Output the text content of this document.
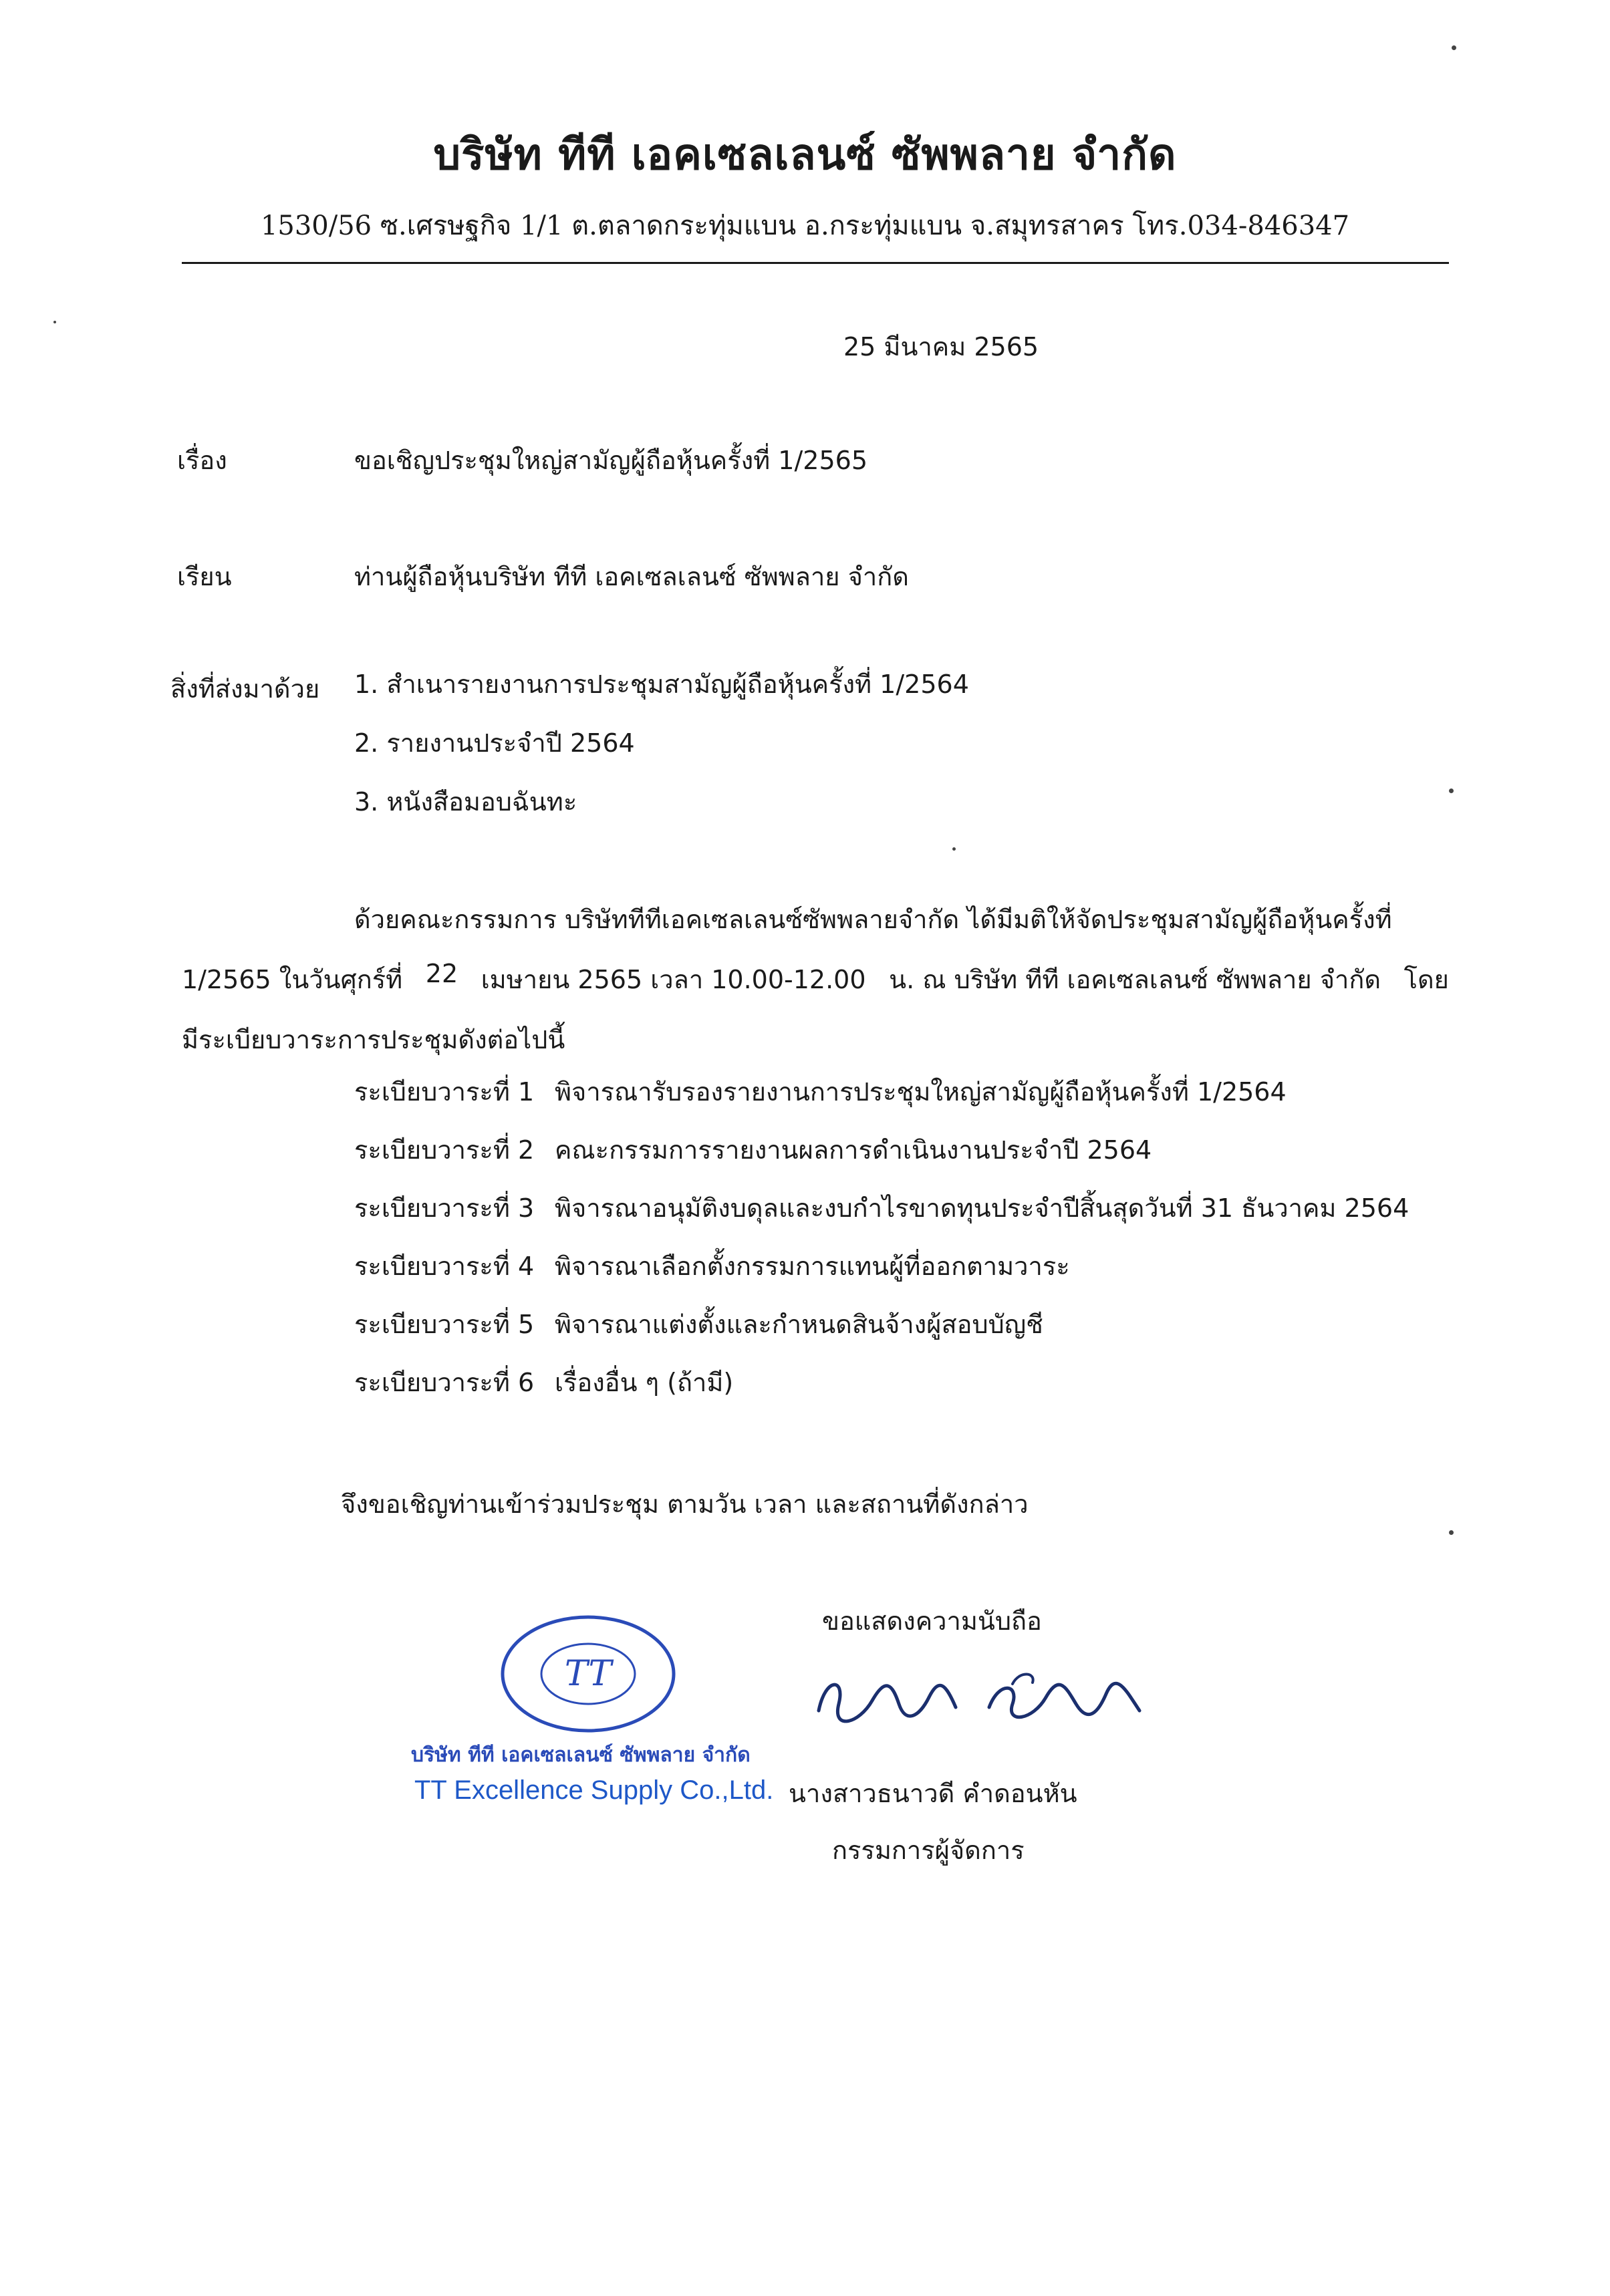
บริษัท ทีที เอคเซลเลนซ์ ซัพพลาย จำกัด
1530/56 ซ.เศรษฐกิจ 1/1 ต.ตลาดกระทุ่มแบน อ.กระทุ่มแบน จ.สมุทรสาคร โทร.034-846347
25 มีนาคม 2565
เรื่อง	ขอเชิญประชุมใหญ่สามัญผู้ถือหุ้นครั้งที่ 1/2565
เรียน	ท่านผู้ถือหุ้นบริษัท ทีที เอคเซลเลนซ์ ซัพพลาย จำกัด
สิ่งที่ส่งมาด้วย 1. สำเนารายงานการประชุมสามัญผู้ถือหุ้นครั้งที่ 1/2564
2. รายงานประจำปี 2564
3. หนังสือมอบฉันทะ
ด้วยคณะกรรมการ บริษัททีทีเอคเซลเลนซ์ซัพพลายจำกัด ได้มีมติให้จัดประชุมสามัญผู้ถือหุ้นครั้งที่
1/2565 ในวันศุกร์ที่ 22 เมษายน 2565 เวลา 10.00-12.00 น. ณ บริษัท ทีที เอคเซลเลนซ์ ซัพพลาย จำกัด โดย
มีระเบียบวาระการประชุมดังต่อไปนี้
ระเบียบวาระที่ 1 พิจารณารับรองรายงานการประชุมใหญ่สามัญผู้ถือหุ้นครั้งที่ 1/2564
ระเบียบวาระที่ 2 คณะกรรมการรายงานผลการดำเนินงานประจำปี 2564
ระเบียบวาระที่ 3 พิจารณาอนุมัติงบดุลและงบกำไรขาดทุนประจำปีสิ้นสุดวันที่ 31 ธันวาคม 2564
ระเบียบวาระที่ 4 พิจารณาเลือกตั้งกรรมการแทนผู้ที่ออกตามวาระ
ระเบียบวาระที่ 5 พิจารณาแต่งตั้งและกำหนดสินจ้างผู้สอบบัญชี
ระเบียบวาระที่ 6 เรื่องอื่น ๆ (ถ้ามี)
จึงขอเชิญท่านเข้าร่วมประชุม ตามวัน เวลา และสถานที่ดังกล่าว
ขอแสดงความนับถือ
TT
บริษัท ทีที เอคเซลเลนซ์ ซัพพลาย จำกัด
TT Excellence Supply Co.,Ltd. นางสาวธนาวดี คำดอนหัน
กรรมการผู้จัดการ
